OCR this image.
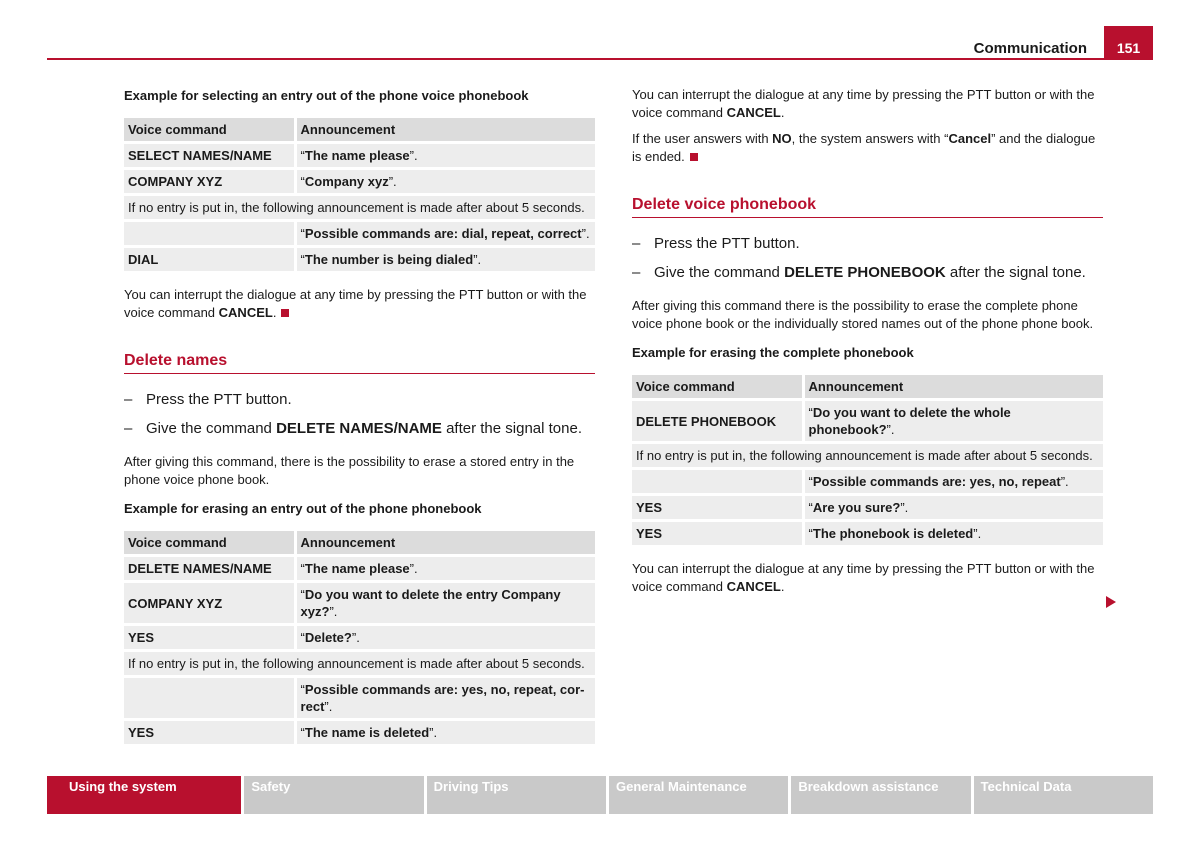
Communication	151
Example for selecting an entry out of the phone voice phonebook
Voice command	Announcement
SELECT NAMES/NAME	“The name please”.
COMPANY XYZ	“Company xyz”.
If no entry is put in, the following announcement is made after about 5 seconds.	
	“Possible commands are: dial, repeat, correct”.
DIAL	“The number is being dialed”.

You can interrupt the dialogue at any time by pressing the PTT button or with the voice command CANCEL.

Delete names
– Press the PTT button.
– Give the command DELETE NAMES/NAME after the signal tone.

After giving this command, there is the possibility to erase a stored entry in the phone voice phone book.

Example for erasing an entry out of the phone phonebook
Voice command	Announcement
DELETE NAMES/NAME	“The name please”.
COMPANY XYZ	“Do you want to delete the entry Company xyz?”.
YES	“Delete?”.
If no entry is put in, the following announcement is made after about 5 seconds.	
	“Possible commands are: yes, no, repeat, cor-rect”.
YES	“The name is deleted”.

You can interrupt the dialogue at any time by pressing the PTT button or with the voice command CANCEL.

If the user answers with NO, the system answers with “Cancel” and the dialogue is ended.

Delete voice phonebook
– Press the PTT button.
– Give the command DELETE PHONEBOOK after the signal tone.

After giving this command there is the possibility to erase the complete phone voice phone book or the individually stored names out of the phone phone book.

Example for erasing the complete phonebook
Voice command	Announcement
DELETE PHONEBOOK	“Do you want to delete the whole phonebook?”.
If no entry is put in, the following announcement is made after about 5 seconds.	
	“Possible commands are: yes, no, repeat”.
YES	“Are you sure?”.
YES	“The phonebook is deleted”.

You can interrupt the dialogue at any time by pressing the PTT button or with the voice command CANCEL.

Using the system	Safety	Driving Tips	General Maintenance	Breakdown assistance	Technical Data
